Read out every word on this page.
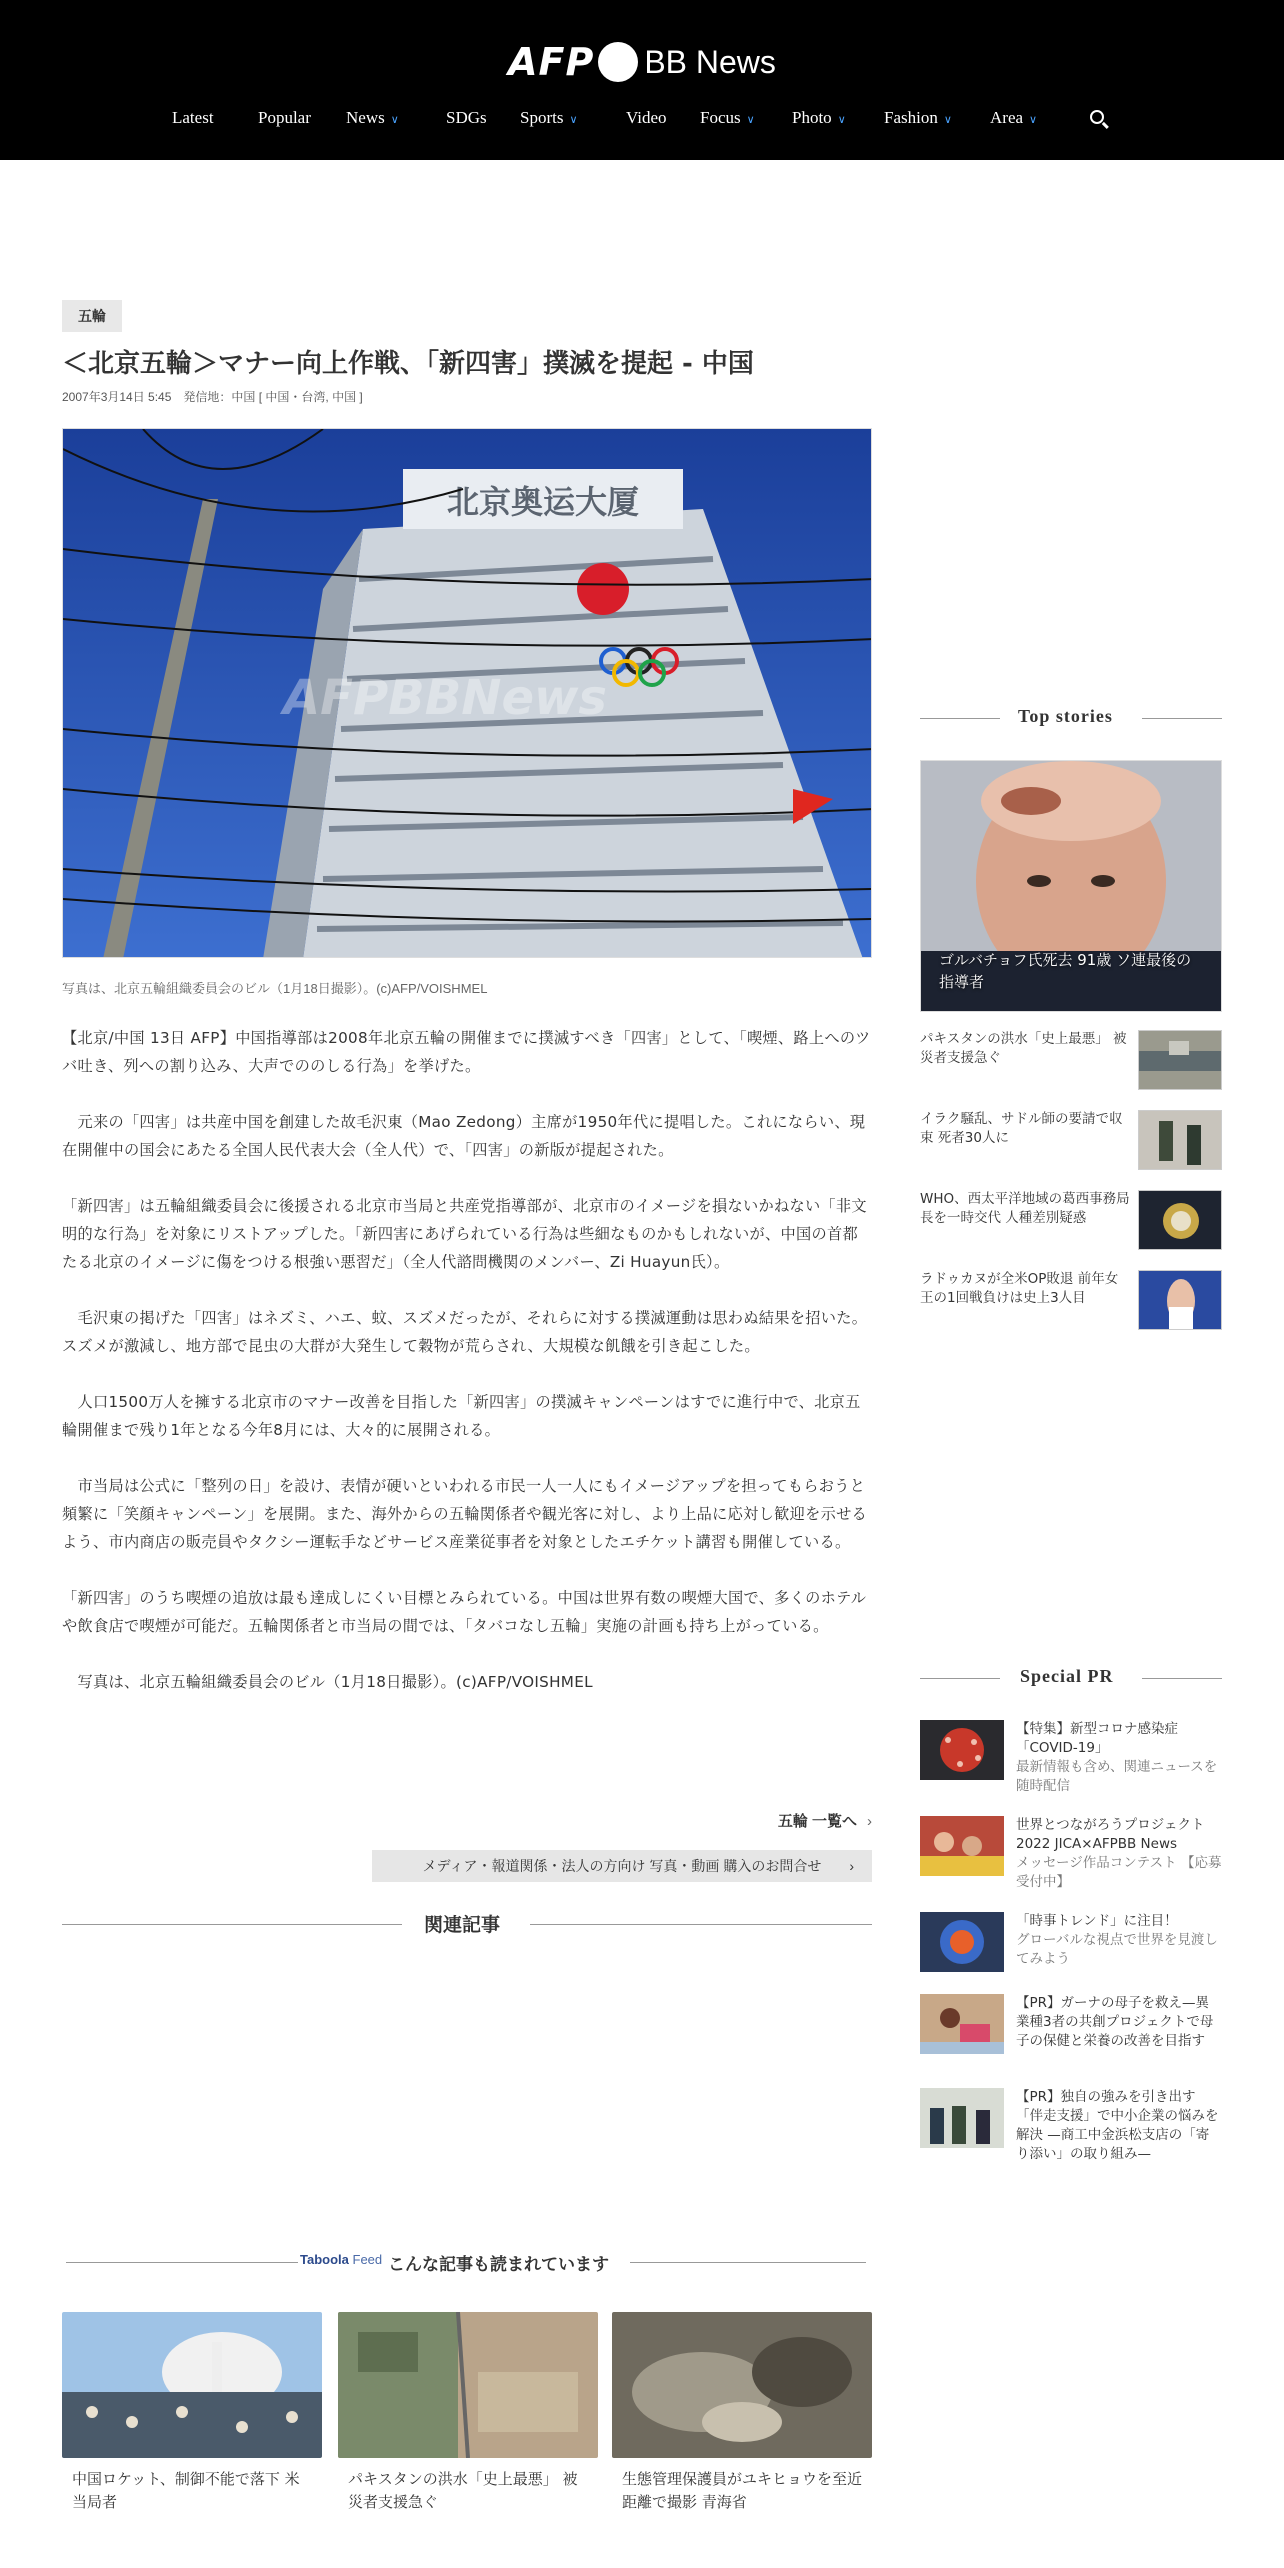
AFP BB News
Latest	Popular News ∨	SDGs Sports ∨	Video Focus ∨ Photo ∨ Fashion ∨ Area ∨
五輪
＜北京五輪＞マナー向上作戦、「新四害」撲滅を提起 - 中国
2007年3月14日 5:45　発信地：中国 [ 中国・台湾, 中国 ]
北京奥运大厦
AFPBBNews
写真は、北京五輪組織委員会のビル（1月18日撮影）。(c)AFP/VOISHMEL

【北京/中国 13日 AFP】中国指導部は2008年北京五輪の開催までに撲滅すべき「四害」として、「喫煙、路上へのツバ吐き、列への割り込み、大声でののしる行為」を挙げた。

　元来の「四害」は共産中国を創建した故毛沢東（Mao Zedong）主席が1950年代に提唱した。これにならい、現在開催中の国会にあたる全国人民代表大会（全人代）で、「四害」の新版が提起された。

「新四害」は五輪組織委員会に後援される北京市当局と共産党指導部が、北京市のイメージを損ないかねない「非文明的な行為」を対象にリストアップした。「新四害にあげられている行為は些細なものかもしれないが、中国の首都たる北京のイメージに傷をつける根強い悪習だ」（全人代諮問機関のメンバー、Zi Huayun氏）。

　毛沢東の掲げた「四害」はネズミ、ハエ、蚊、スズメだったが、それらに対する撲滅運動は思わぬ結果を招いた。スズメが激減し、地方部で昆虫の大群が大発生して穀物が荒らされ、大規模な飢餓を引き起こした。

　人口1500万人を擁する北京市のマナー改善を目指した「新四害」の撲滅キャンペーンはすでに進行中で、北京五輪開催まで残り1年となる今年8月には、大々的に展開される。

　市当局は公式に「整列の日」を設け、表情が硬いといわれる市民一人一人にもイメージアップを担ってもらおうと頻繁に「笑顔キャンペーン」を展開。また、海外からの五輪関係者や観光客に対し、より上品に応対し歓迎を示せるよう、市内商店の販売員やタクシー運転手などサービス産業従事者を対象としたエチケット講習も開催している。

「新四害」のうち喫煙の追放は最も達成しにくい目標とみられている。中国は世界有数の喫煙大国で、多くのホテルや飲食店で喫煙が可能だ。五輪関係者と市当局の間では、「タバコなし五輪」実施の計画も持ち上がっている。

　写真は、北京五輪組織委員会のビル（1月18日撮影）。(c)AFP/VOISHMEL

五輪 一覧へ ›
メディア・報道関係・法人の方向け 写真・動画 購入のお問合せ ›
関連記事
Taboola Feed こんな記事も読まれています
中国ロケット、制御不能で落下 米当局者
パキスタンの洪水「史上最悪」 被災者支援急ぐ
生態管理保護員がユキヒョウを至近距離で撮影 青海省
Top stories
ゴルバチョフ氏死去 91歳 ソ連最後の指導者
パキスタンの洪水「史上最悪」 被災者支援急ぐ
イラク騒乱、サドル師の要請で収束 死者30人に
WHO、西太平洋地域の葛西事務局長を一時交代 人種差別疑惑
ラドゥカヌが全米OP敗退 前年女王の1回戦負けは史上3人目
Special PR
【特集】新型コロナ感染症「COVID-19」
最新情報も含め、関連ニュースを随時配信
世界とつながろうプロジェクト2022 JICA×AFPBB News
メッセージ作品コンテスト 【応募受付中】
「時事トレンド」に注目！
グローバルな視点で世界を見渡してみよう
【PR】ガーナの母子を救え—異業種3者の共創プロジェクトで母子の保健と栄養の改善を目指す
【PR】独自の強みを引き出す「伴走支援」で中小企業の悩みを解決 —商工中金浜松支店の「寄り添い」の取り組み—
